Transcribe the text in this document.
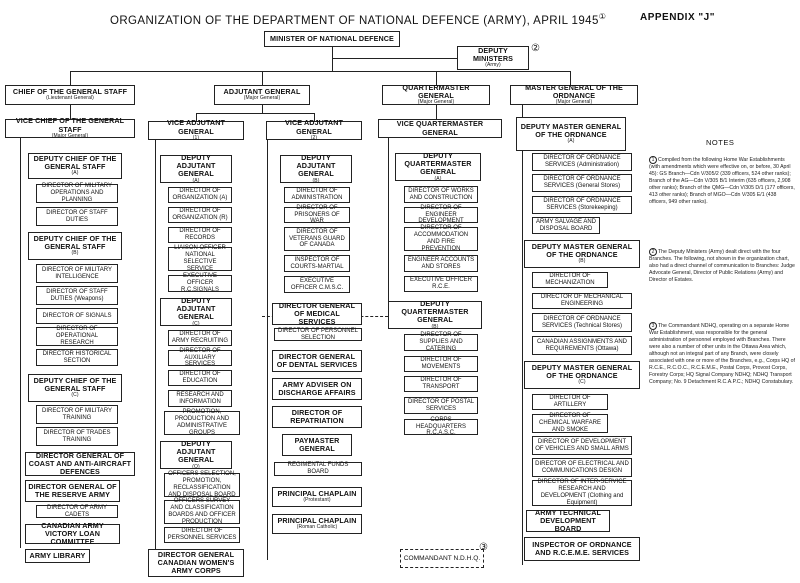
ORGANIZATION OF THE DEPARTMENT OF NATIONAL DEFENCE (ARMY), APRIL 1945①	APPENDIX "J"
MINISTER OF NATIONAL DEFENCE
DEPUTY MINISTERS
(Army)
②
CHIEF OF THE GENERAL STAFF
(Lieutenant General)
ADJUTANT GENERAL
(Major General)
QUARTERMASTER GENERAL
(Major General)
MASTER GENERAL OF THE ORDNANCE
(Major General)
VICE CHIEF OF THE GENERAL STAFF
(Major General)
DEPUTY CHIEF OF THE GENERAL STAFF
(A)
DIRECTOR OF MILITARY OPERATIONS AND PLANNING
DIRECTOR OF STAFF DUTIES
DEPUTY CHIEF OF THE GENERAL STAFF
(B)
DIRECTOR OF MILITARY INTELLIGENCE
DIRECTOR OF STAFF DUTIES (Weapons)
DIRECTOR OF SIGNALS
DIRECTOR OF OPERATIONAL RESEARCH
DIRECTOR HISTORICAL SECTION
DEPUTY CHIEF OF THE GENERAL STAFF
(C)
DIRECTOR OF MILITARY TRAINING
DIRECTOR OF TRADES TRAINING
DIRECTOR GENERAL OF COAST AND ANTI-AIRCRAFT DEFENCES
DIRECTOR GENERAL OF THE RESERVE ARMY
DIRECTOR OF ARMY CADETS
CANADIAN ARMY VICTORY LOAN COMMITTEE
ARMY LIBRARY
VICE ADJUTANT GENERAL
(1)
DEPUTY ADJUTANT GENERAL
(A)
DIRECTOR OF ORGANIZATION (A)
DIRECTOR OF ORGANIZATION (R)
DIRECTOR OF RECORDS
LIAISON OFFICER NATIONAL SELECTIVE SERVICE
EXECUTIVE OFFICER R.C.SIGNALS
DEPUTY ADJUTANT GENERAL
(C)
DIRECTOR OF ARMY RECRUITING
DIRECTOR OF AUXILIARY SERVICES
DIRECTOR OF EDUCATION
RESEARCH AND INFORMATION
PROMOTION, PRODUCTION AND ADMINISTRATIVE GROUPS
DEPUTY ADJUTANT GENERAL
(O)
OFFICERS SELECTION, PROMOTION, RECLASSIFICATION AND DISPOSAL BOARD
OFFICERS SURVEY AND CLASSIFICATION BOARDS AND OFFICER PRODUCTION
DIRECTOR OF PERSONNEL SERVICES
DIRECTOR GENERAL CANADIAN WOMEN'S ARMY CORPS
VICE ADJUTANT GENERAL
(2)
DEPUTY ADJUTANT GENERAL
(B)
DIRECTOR OF ADMINISTRATION
DIRECTOR OF PRISONERS OF WAR
DIRECTOR OF VETERANS GUARD OF CANADA
INSPECTOR OF COURTS-MARTIAL
EXECUTIVE OFFICER C.M.S.C.
DIRECTOR GENERAL OF MEDICAL SERVICES
DIRECTOR OF PERSONNEL SELECTION
DIRECTOR GENERAL OF DENTAL SERVICES
ARMY ADVISER ON DISCHARGE AFFAIRS
DIRECTOR OF REPATRIATION
PAYMASTER GENERAL
REGIMENTAL FUNDS BOARD
PRINCIPAL CHAPLAIN
(Protestant)
PRINCIPAL CHAPLAIN
(Roman Catholic)
VICE QUARTERMASTER GENERAL
DEPUTY QUARTERMASTER GENERAL
(A)
DIRECTOR OF WORKS AND CONSTRUCTION
DIRECTOR OF ENGINEER DEVELOPMENT
DIRECTOR OF ACCOMMODATION AND FIRE PREVENTION
ENGINEER ACCOUNTS AND STORES
EXECUTIVE OFFICER R.C.E.
DEPUTY QUARTERMASTER GENERAL
(B)
DIRECTOR OF SUPPLIES AND CATERING
DIRECTOR OF MOVEMENTS
DIRECTOR OF TRANSPORT
DIRECTOR OF POSTAL SERVICES
CORPS HEADQUARTERS R.C.A.S.C.
COMMANDANT N.D.H.Q.
③
DEPUTY MASTER GENERAL OF THE ORDNANCE
(A)
DIRECTOR OF ORDNANCE SERVICES (Administration)
DIRECTOR OF ORDNANCE SERVICES (General Stores)
DIRECTOR OF ORDNANCE SERVICES (Storekeeping)
ARMY SALVAGE AND DISPOSAL BOARD
DEPUTY MASTER GENERAL OF THE ORDNANCE
(B)
DIRECTOR OF MECHANIZATION
DIRECTOR OF MECHANICAL ENGINEERING
DIRECTOR OF ORDNANCE SERVICES (Technical Stores)
CANADIAN ASSIGNMENTS AND REQUIREMENTS (Ottawa)
DEPUTY MASTER GENERAL OF THE ORDNANCE
(C)
DIRECTOR OF ARTILLERY
DIRECTOR OF CHEMICAL WARFARE AND SMOKE
DIRECTOR OF DEVELOPMENT OF VEHICLES AND SMALL ARMS
DIRECTOR OF ELECTRICAL AND COMMUNICATIONS DESIGN
DIRECTOR OF INTER-SERVICE RESEARCH AND DEVELOPMENT (Clothing and Equipment)
ARMY TECHNICAL DEVELOPMENT BOARD
INSPECTOR OF ORDNANCE AND R.C.E.M.E. SERVICES
NOTES
1 Compiled from the following Home War Establishments (with amendments which were effective on, or before, 30 April 45): GS Branch—Cdn V/305/2 (339 officers, 524 other ranks); Branch of the AG—Cdn V/305 B/1 Interim (635 officers, 2,908 other ranks); Branch of the QMG—Cdn V/305 D/1 (177 officers, 413 other ranks); Branch of MGO—Cdn V/305 E/1 (438 officers, 949 other ranks).
2 The Deputy Ministers (Army) dealt direct with the four Branches. The following, not shown in the organization chart, also had a direct channel of communication to Branches: Judge Advocate General, Director of Public Relations (Army) and Director of Estates.
3 The Commandant NDHQ, operating on a separate Home War Establishment, was responsible for the general administration of personnel employed with Branches. There were also a number of other units in the Ottawa Area which, although not an integral part of any Branch, were closely associated with one or more of the Branches, e.g., Corps HQ of R.C.E., R.C.O.C., R.C.E.M.E., Postal Corps, Provost Corps, Forestry Corps; HQ Signal Company NDHQ; NDHQ Transport Company; No. 9 Detachment R.C.A.P.C.; NDHQ Constabulary.
